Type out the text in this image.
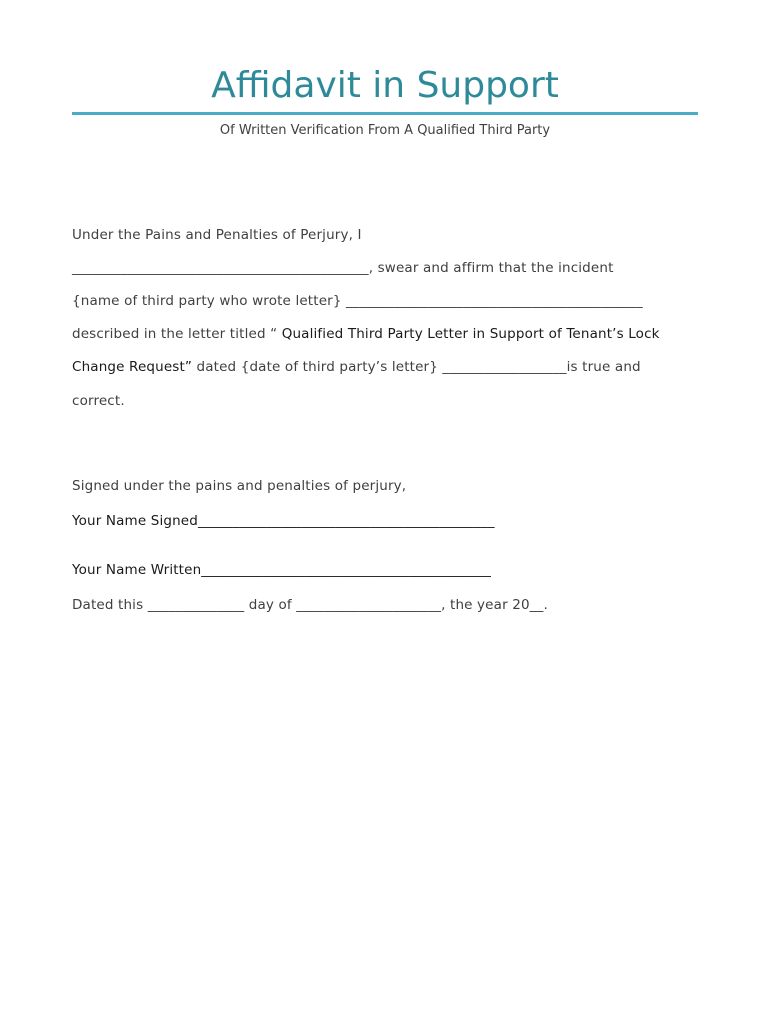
Affidavit in Support
Of Written Verification From A Qualified Third Party
Under the Pains and Penalties of Perjury, I
___________________________________________, swear and affirm that the incident
{name of third party who wrote letter} ___________________________________________
described in the letter titled “ Qualified Third Party Letter in Support of Tenant’s Lock
Change Request” dated {date of third party’s letter} __________________is true and
correct.
Signed under the pains and penalties of perjury,
Your Name Signed___________________________________________
Your Name Written__________________________________________
Dated this ______________ day of _____________________, the year 20__.
